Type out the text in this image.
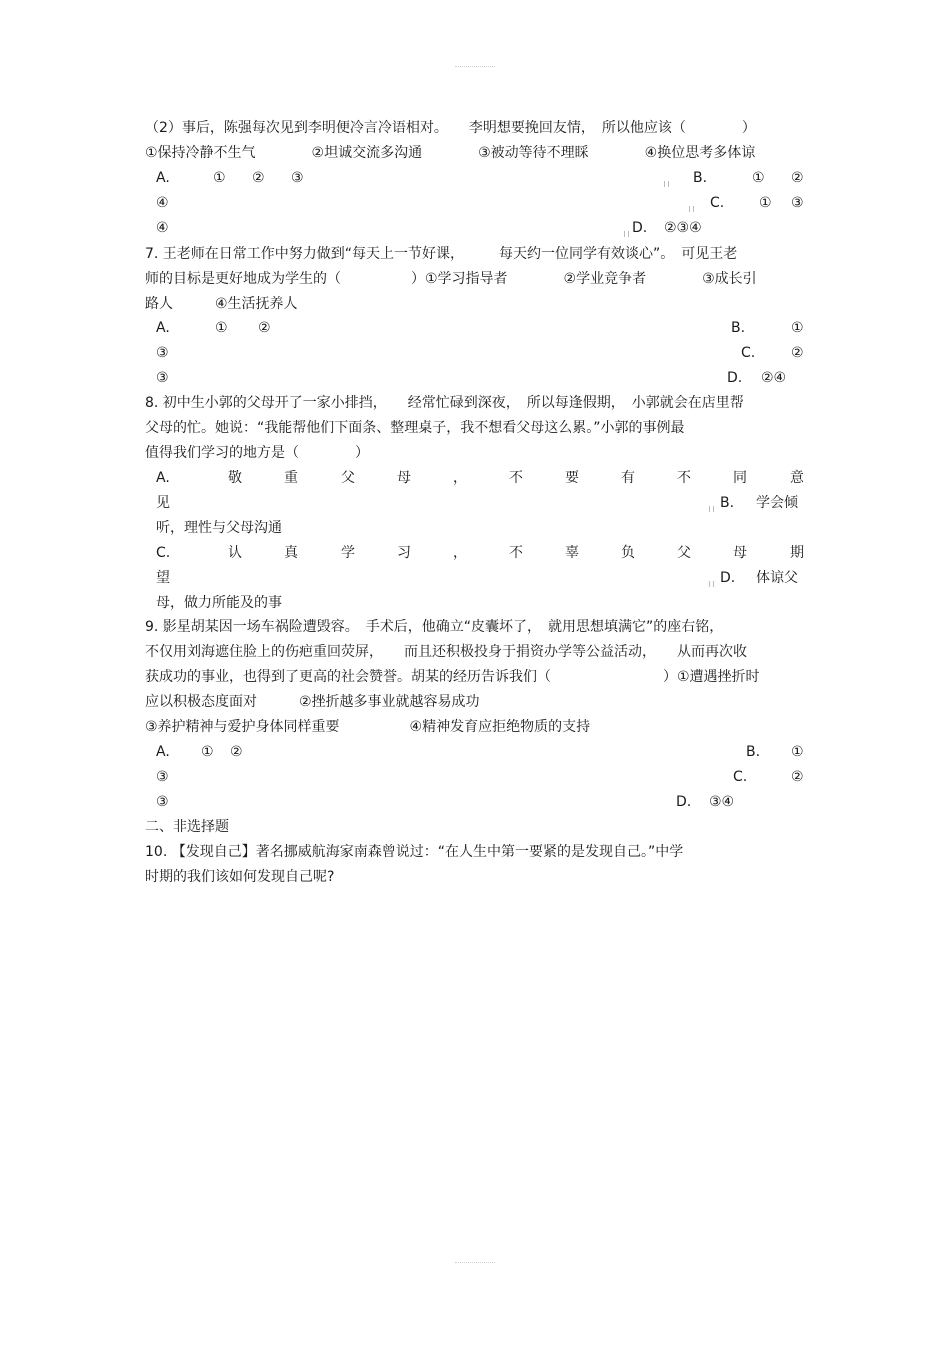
（2）事后，陈强每次见到李明便冷言冷语相对。　　李明想要挽回友情，　所以他应该（　　　　）
①保持冷静不生气　　　　②坦诚交流多沟通　　　　③被动等待不理睬　　　　④换位思考多体谅
A.	① ② ③	B.	① ②
④	C. ① ③
④	D. ②③④
7. 王老师在日常工作中努力做到“每天上一节好课，　　　每天约一位同学有效谈心”。　可见王老
师的目标是更好地成为学生的（　　　　　）①学习指导者　　　　②学业竞争者　　　　③成长引
路人　　　④生活抚养人
A.	① ②	B.	①
③	C.	②
③	D. ②④
8. 初中生小郭的父母开了一家小排挡，　　经常忙碌到深夜，　所以每逢假期，　小郭就会在店里帮
父母的忙。她说：“我能帮他们下面条、整理桌子，我不想看父母这么累。”小郭的事例最
值得我们学习的地方是（　　　　）
A.	敬	重	父	母	，	不	要	有	不	同	意
见	B. 学会倾
听，理性与父母沟通
C.	认	真	学	习	，	不	辜	负	父	母	期
望	D. 体谅父
母，做力所能及的事
9. 影星胡某因一场车祸险遭毁容。　手术后，他确立“皮囊坏了，　就用思想填满它”的座右铭，
不仅用刘海遮住脸上的伤疤重回荧屏，　　而且还积极投身于捐资办学等公益活动，　　从而再次收
获成功的事业，也得到了更高的社会赞誉。胡某的经历告诉我们（　　　　　　　　）①遭遇挫折时
应以积极态度面对　　　②挫折越多事业就越容易成功
③养护精神与爱护身体同样重要　　　　　④精神发育应拒绝物质的支持
A. ① ②	B. ①
③	C.	②
③	D. ③④
二、非选择题
10. 【发现自己】著名挪威航海家南森曾说过：“在人生中第一要紧的是发现自己。”中学
时期的我们该如何发现自己呢?
